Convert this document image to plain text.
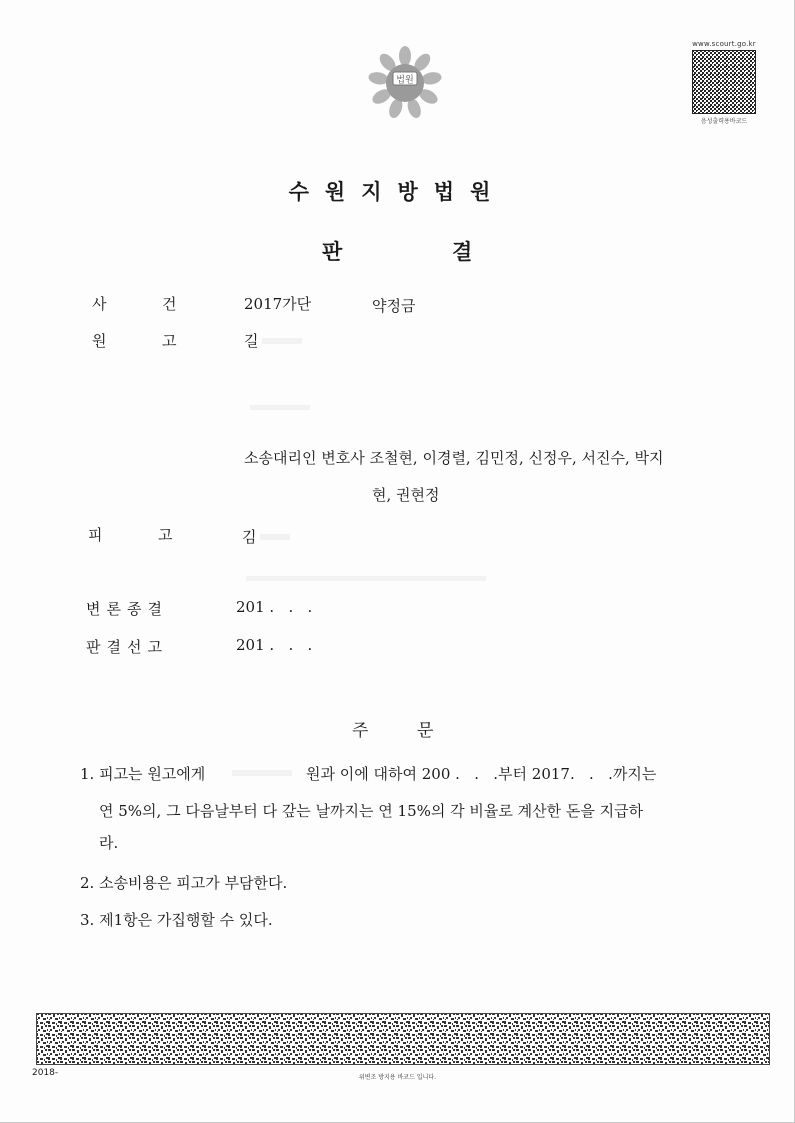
법원
www.scourt.go.kr
음성출력용바코드
수원지방법원
판	결
사	건	2017가단	약정금
원	고	길
소송대리인 변호사 조철현, 이경렬, 김민정, 신정우, 서진수, 박지
현, 권현정
피	고	김
변론종결	201 .   .   .
판결선고	201 .   .   .
주	문
1. 피고는 원고에게	원과 이에 대하여 200 .   .   .부터 2017.   .   .까지는
연 5%의, 그 다음날부터 다 갚는 날까지는 연 15%의 각 비율로 계산한 돈을 지급하
라.
2. 소송비용은 피고가 부담한다.
3. 제1항은 가집행할 수 있다.
2018-	위변조 방지용 바코드 입니다.
